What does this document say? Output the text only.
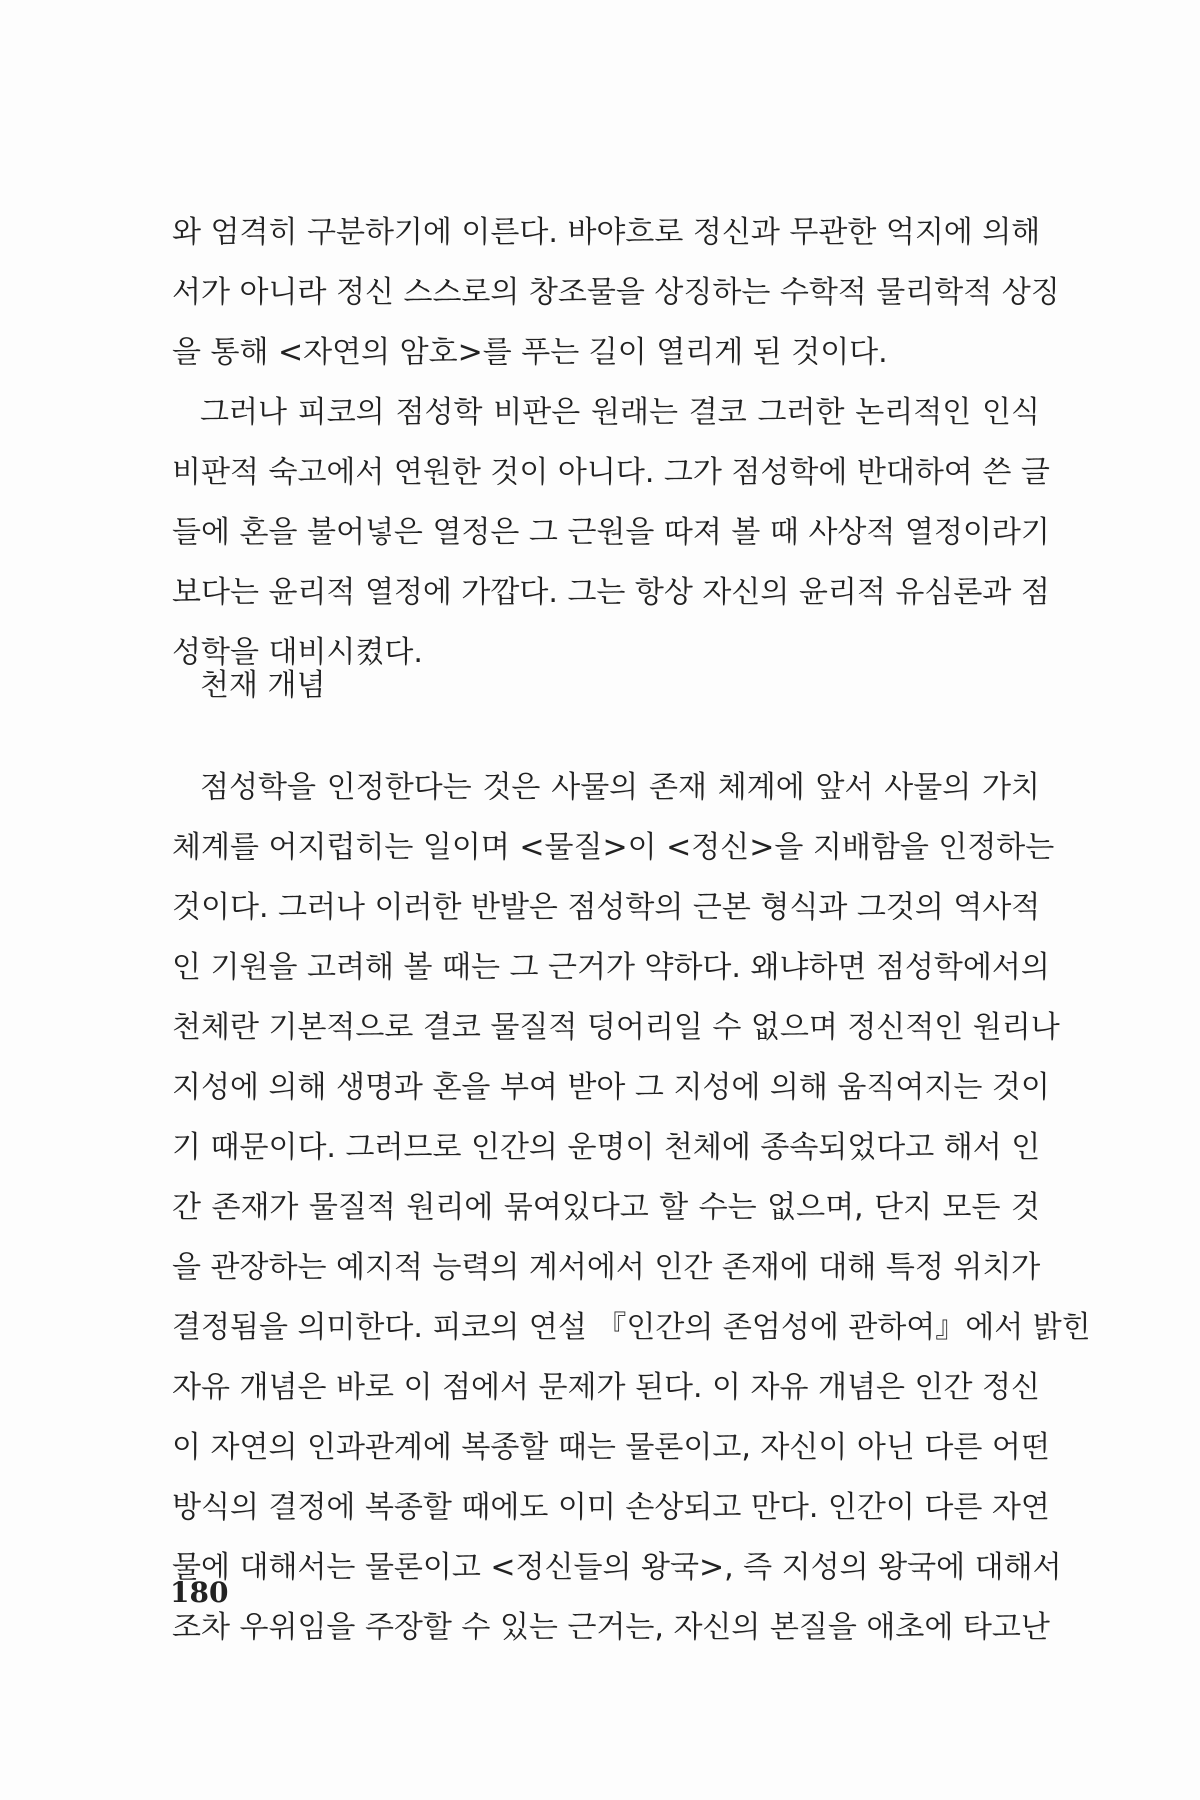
와 엄격히 구분하기에 이른다. 바야흐로 정신과 무관한 억지에 의해
서가 아니라 정신 스스로의 창조물을 상징하는 수학적 물리학적 상징
을 통해 <자연의 암호>를 푸는 길이 열리게 된 것이다.
그러나 피코의 점성학 비판은 원래는 결코 그러한 논리적인 인식
비판적 숙고에서 연원한 것이 아니다. 그가 점성학에 반대하여 쓴 글
들에 혼을 불어넣은 열정은 그 근원을 따져 볼 때 사상적 열정이라기
보다는 윤리적 열정에 가깝다. 그는 항상 자신의 윤리적 유심론과 점
성학을 대비시켰다.
천재 개념
점성학을 인정한다는 것은 사물의 존재 체계에 앞서 사물의 가치
체계를 어지럽히는 일이며 <물질>이 <정신>을 지배함을 인정하는
것이다. 그러나 이러한 반발은 점성학의 근본 형식과 그것의 역사적
인 기원을 고려해 볼 때는 그 근거가 약하다. 왜냐하면 점성학에서의
천체란 기본적으로 결코 물질적 덩어리일 수 없으며 정신적인 원리나
지성에 의해 생명과 혼을 부여 받아 그 지성에 의해 움직여지는 것이
기 때문이다. 그러므로 인간의 운명이 천체에 종속되었다고 해서 인
간 존재가 물질적 원리에 묶여있다고 할 수는 없으며, 단지 모든 것
을 관장하는 예지적 능력의 계서에서 인간 존재에 대해 특정 위치가
결정됨을 의미한다. 피코의 연설 『인간의 존엄성에 관하여』에서 밝힌
자유 개념은 바로 이 점에서 문제가 된다. 이 자유 개념은 인간 정신
이 자연의 인과관계에 복종할 때는 물론이고, 자신이 아닌 다른 어떤
방식의 결정에 복종할 때에도 이미 손상되고 만다. 인간이 다른 자연
물에 대해서는 물론이고 <정신들의 왕국>, 즉 지성의 왕국에 대해서
조차 우위임을 주장할 수 있는 근거는, 자신의 본질을 애초에 타고난
180
